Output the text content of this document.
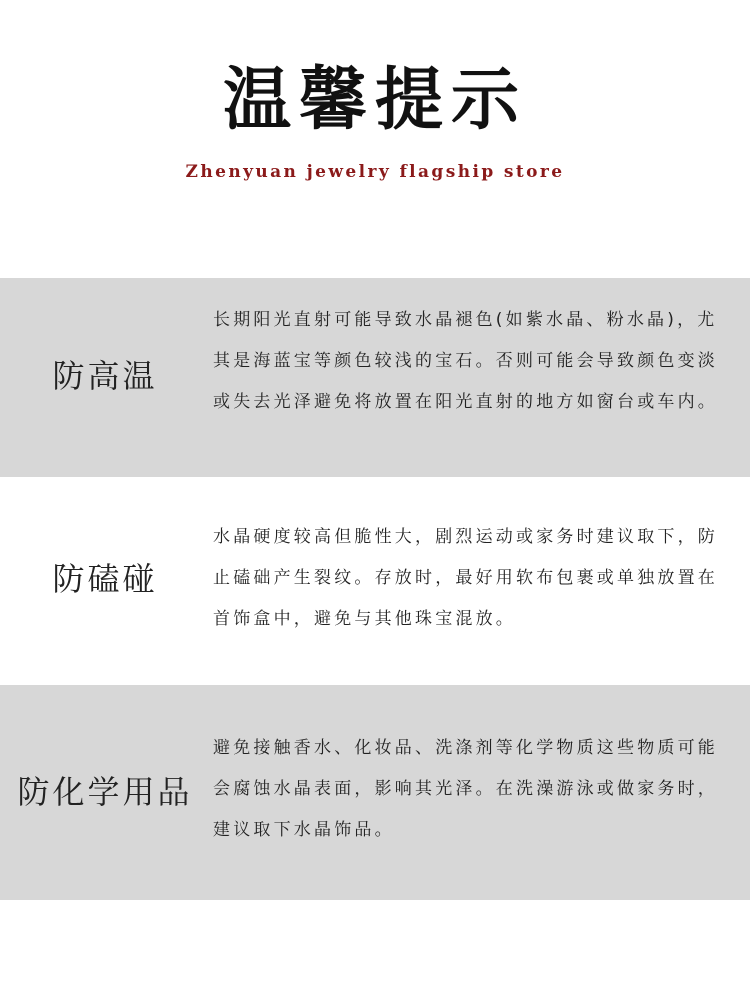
温馨提示
Zhenyuan jewelry flagship store
防高温

长期阳光直射可能导致水晶褪色(如紫水晶、粉水晶)，尤其是海蓝宝等颜色较浅的宝石。否则可能会导致颜色变淡或失去光泽避免将放置在阳光直射的地方如窗台或车内。

防磕碰

水晶硬度较高但脆性大，剧烈运动或家务时建议取下，防止磕础产生裂纹。存放时，最好用软布包裹或单独放置在首饰盒中，避免与其他珠宝混放。

防化学用品

避免接触香水、化妆品、洗涤剂等化学物质这些物质可能会腐蚀水晶表面，影响其光泽。在洗澡游泳或做家务时，建议取下水晶饰品。
